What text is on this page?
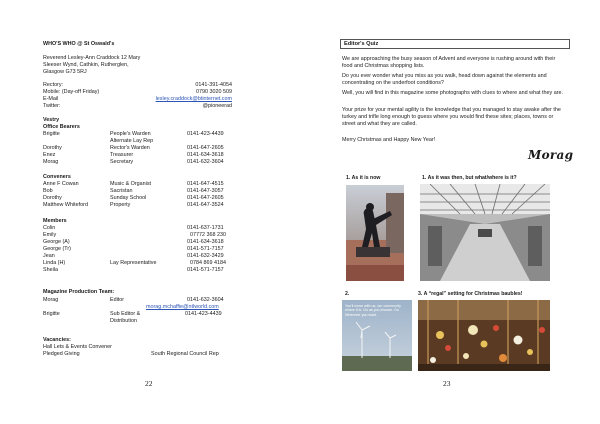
WHO'S WHO @ St Oswald's
Reverend Lesley-Ann Craddock 12 Mary
Sleeser Wynd, Cathkin, Rutherglen,
Glasgow G73 5RJ
Rectory:	0141-391-4054
Mobile: (Day-off Friday)	0790 3020 509
E-Mail	lesley.craddock@btinternet.com
Twitter:	@pioneerad
Vestry
Office Bearers
Brigitte	People's Warden	0141-423-4439
Alternate Lay Rep
Dorothy	Rector's Warden	0141-647-2605
Enez	Treasurer	0141-634-3618
Morag	Secretary	0141-632-3604
Conveners
Anne F Cowan	Music & Organist	0141-647-4515
Bob	Sacristan	0141-647-3057
Dorothy	Sunday School	0141-647-2605
Matthew Whiteford	Property	0141-647-3524
Members
Colin	0141-637-1731
Emily	07772 368 230
George (A)	0141-634-3618
George (Tr)	0141-571-7157
Jean	0141-632-3429
Linda (H)	Lay Representative	0784 869 4184
Sheila	0141-571-7157
Magazine Production Team:
Morag	Editor	0141-632-3604
morag.mchaffie@ntlworld.com
Brigitte	Sub Editor &	0141-423-4439
Distribution
Vacancies:
Hall Lets & Events Convener
Pledged Giving	South Regional Council Rep
22
Editor's Quiz
We are approaching the busy season of Advent and everyone is rushing around with their food and Christmas shopping lists.
Do you ever wonder what you miss as you walk, head down against the elements and concentrating on the underfoot conditions?
Well, you will find in this magazine some photographs with clues to where and what they are.
Your prize for your mental agility is the knowledge that you managed to stay awake after the turkey and trifle long enough to guess where you would find these sites; places, towns or street and what they are called.
Merry Christmas and Happy New Year!
Morag
1. As it is now	1. As it was then, but what/where is it?
2.	3. A “regal” setting for Christmas baubles!
You'll move with us, our community where it is. Go as you choose. Go Wherever you want.
23
